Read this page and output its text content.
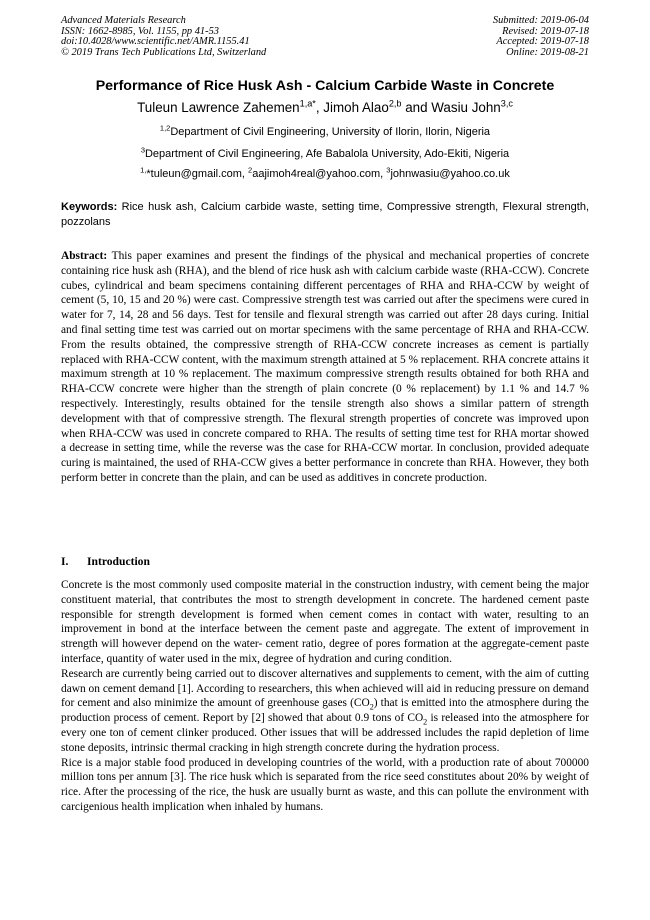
Advanced Materials Research
ISSN: 1662-8985, Vol. 1155, pp 41-53
doi:10.4028/www.scientific.net/AMR.1155.41
© 2019 Trans Tech Publications Ltd, Switzerland
Submitted: 2019-06-04
Revised: 2019-07-18
Accepted: 2019-07-18
Online: 2019-08-21
Performance of Rice Husk Ash - Calcium Carbide Waste in Concrete
Tuleun Lawrence Zahemen$^{1,a*}$, Jimoh Alao$^{2,b}$ and Wasiu John$^{3,c}$
$^{1,2}$Department of Civil Engineering, University of Ilorin, Ilorin, Nigeria
$^3$Department of Civil Engineering, Afe Babalola University, Ado-Ekiti, Nigeria
$^{1,}$*tuleun@gmail.com, $^2$aajimoh4real@yahoo.com, $^3$johnwasiu@yahoo.co.uk

Keywords: Rice husk ash, Calcium carbide waste, setting time, Compressive strength, Flexural strength, pozzolans

Abstract: This paper examines and present the findings of the physical and mechanical properties of concrete containing rice husk ash (RHA), and the blend of rice husk ash with calcium carbide waste (RHA-CCW). Concrete cubes, cylindrical and beam specimens containing different percentages of RHA and RHA-CCW by weight of cement (5, 10, 15 and 20 %) were cast. Compressive strength test was carried out after the specimens were cured in water for 7, 14, 28 and 56 days. Test for tensile and flexural strength was carried out after 28 days curing. Initial and final setting time test was carried out on mortar specimens with the same percentage of RHA and RHA-CCW. From the results obtained, the compressive strength of RHA-CCW concrete increases as cement is partially replaced with RHA-CCW content, with the maximum strength attained at 5 % replacement. RHA concrete attains it maximum strength at 10 % replacement. The maximum compressive strength results obtained for both RHA and RHA-CCW concrete were higher than the strength of plain concrete (0 % replacement) by 1.1 % and 14.7 % respectively. Interestingly, results obtained for the tensile strength also shows a similar pattern of strength development with that of compressive strength. The flexural strength properties of concrete was improved upon when RHA-CCW was used in concrete compared to RHA. The results of setting time test for RHA mortar showed a decrease in setting time, while the reverse was the case for RHA-CCW mortar. In conclusion, provided adequate curing is maintained, the used of RHA-CCW gives a better performance in concrete than RHA. However, they both perform better in concrete than the plain, and can be used as additives in concrete production.

I. Introduction

Concrete is the most commonly used composite material in the construction industry, with cement being the major constituent material, that contributes the most to strength development in concrete. The hardened cement paste responsible for strength development is formed when cement comes in contact with water, resulting to an improvement in bond at the interface between the cement paste and aggregate. The extent of improvement in strength will however depend on the water- cement ratio, degree of pores formation at the aggregate-cement paste interface, quantity of water used in the mix, degree of hydration and curing condition.

Research are currently being carried out to discover alternatives and supplements to cement, with the aim of cutting dawn on cement demand [1]. According to researchers, this when achieved will aid in reducing pressure on demand for cement and also minimize the amount of greenhouse gases $(CO_2)$ that is emitted into the atmosphere during the production process of cement. Report by [2] showed that about 0.9 tons of $CO_2$ is released into the atmosphere for every one ton of cement clinker produced. Other issues that will be addressed includes the rapid depletion of lime stone deposits, intrinsic thermal cracking in high strength concrete during the hydration process.

Rice is a major stable food produced in developing countries of the world, with a production rate of about 700000 million tons per annum [3]. The rice husk which is separated from the rice seed constitutes about 20% by weight of rice. After the processing of the rice, the husk are usually burnt as waste, and this can pollute the environment with carcigenious health implication when inhaled by humans.
